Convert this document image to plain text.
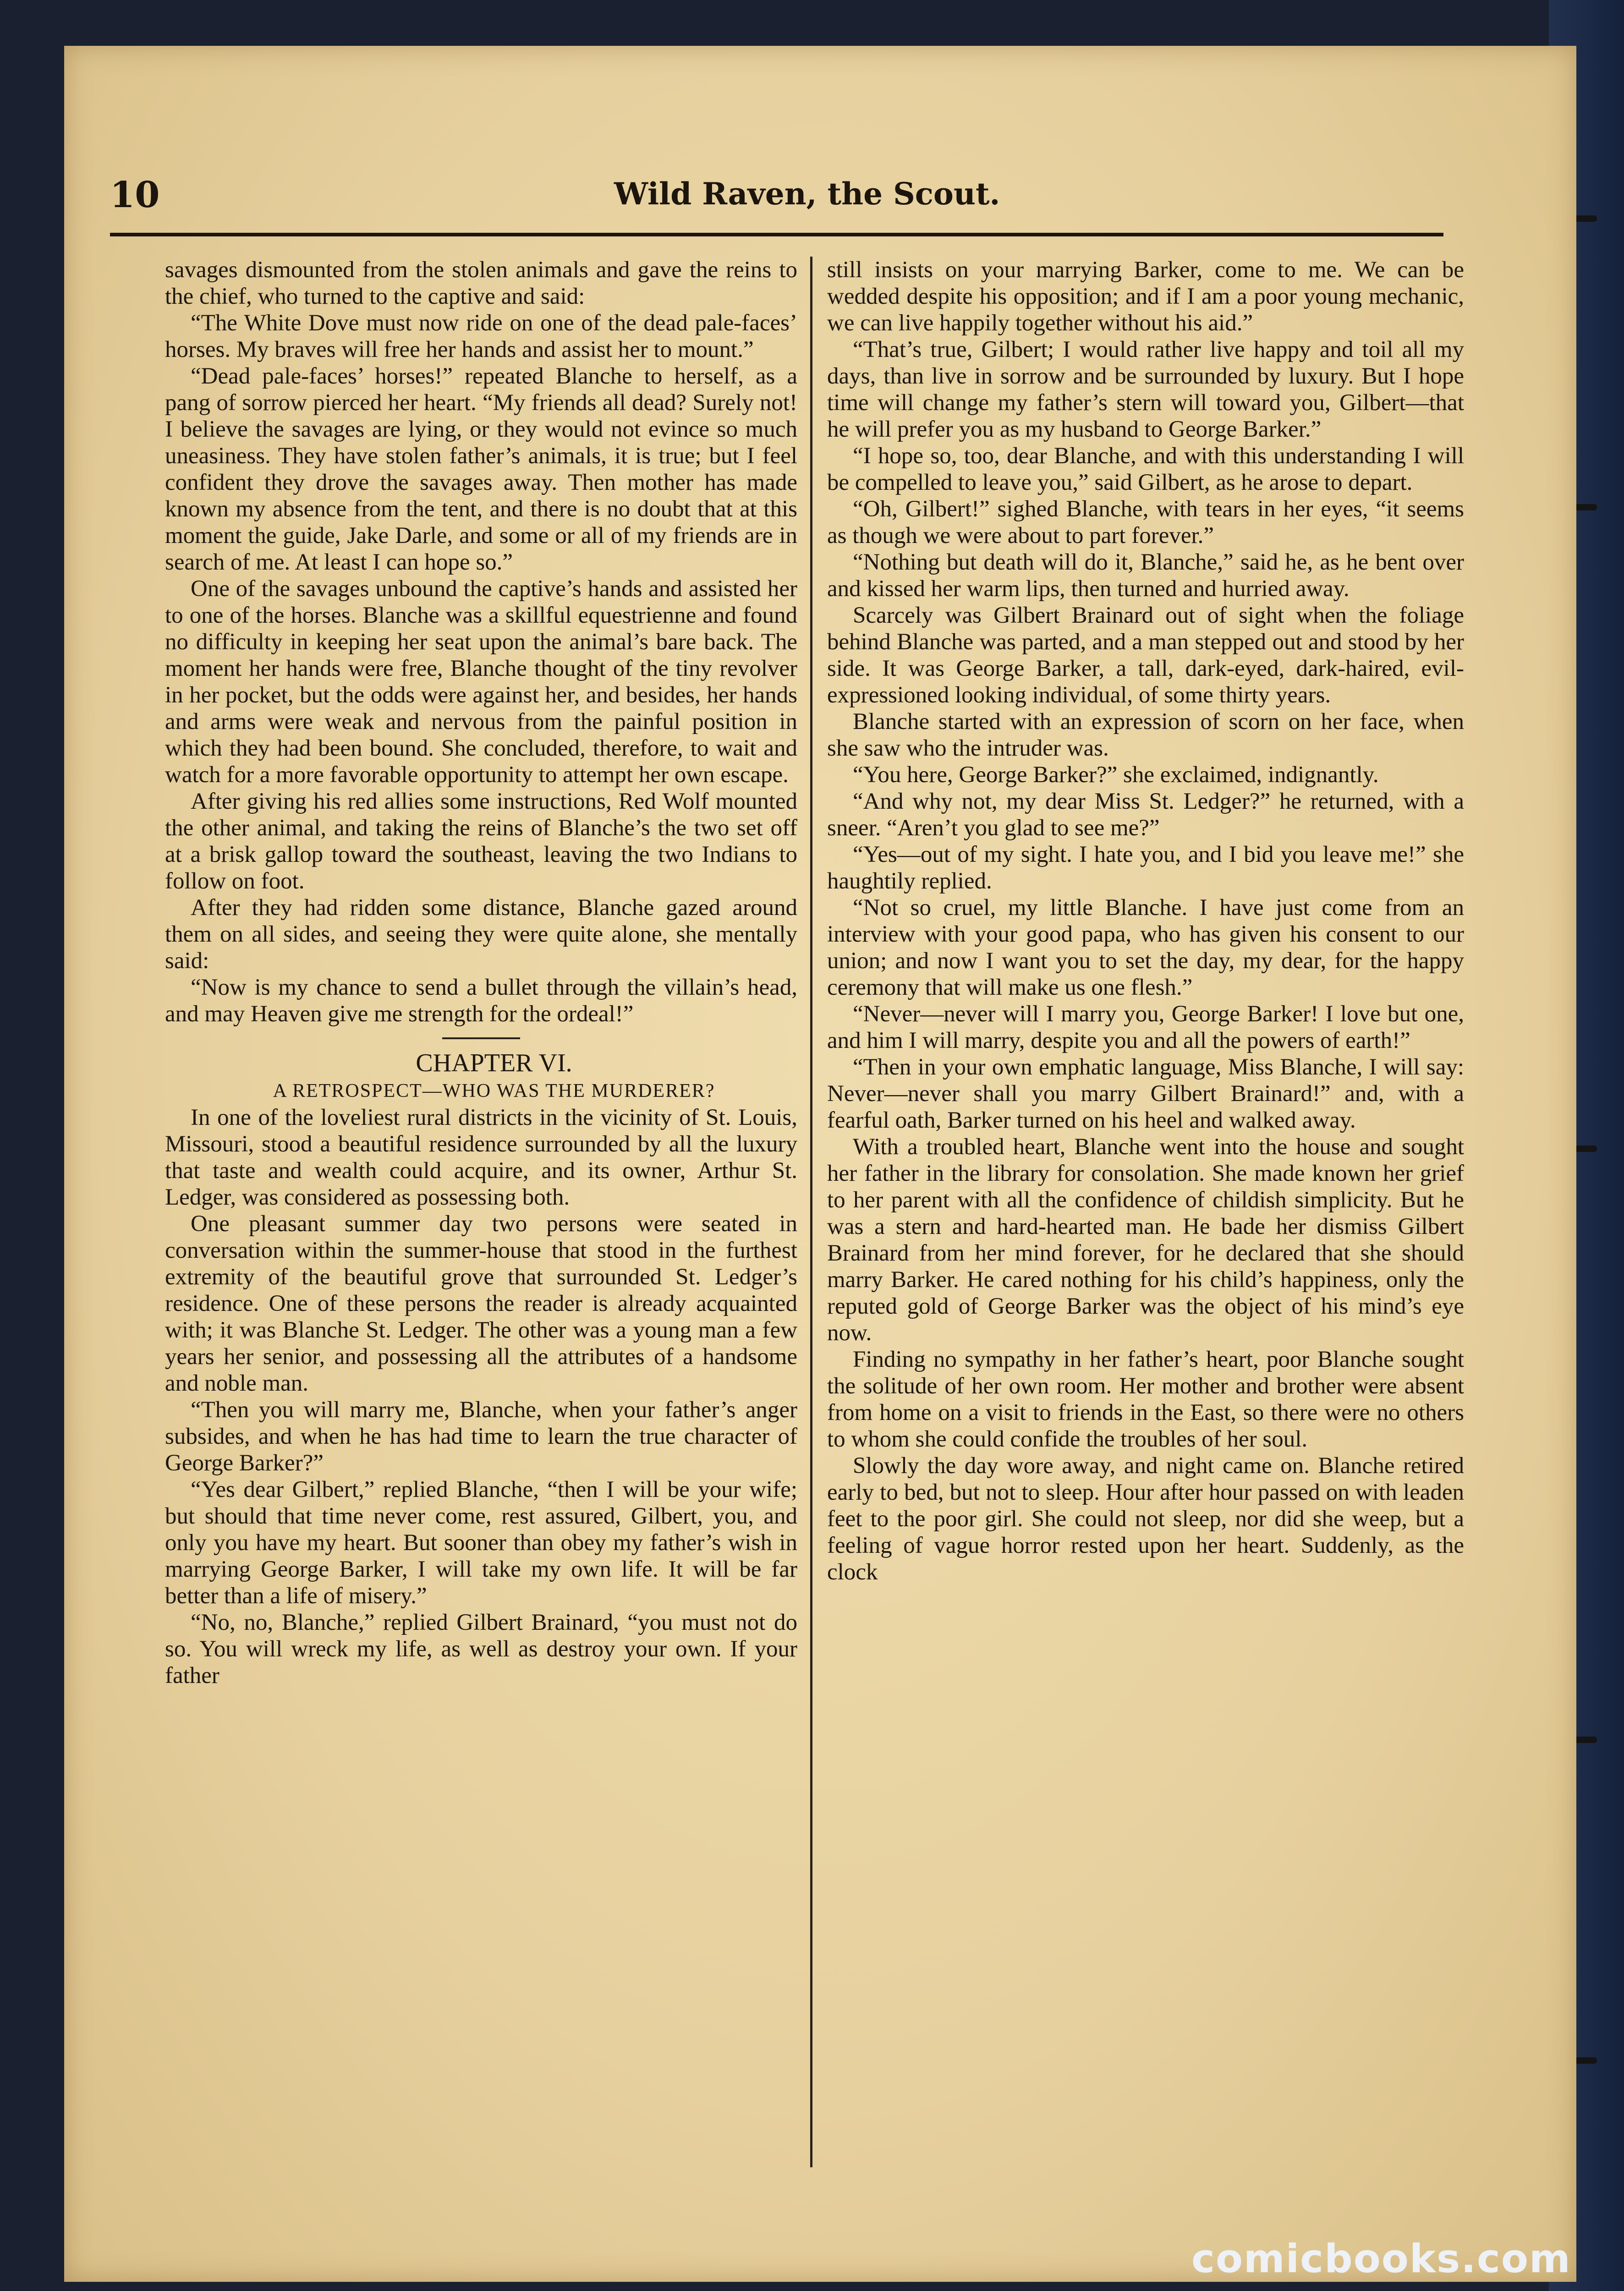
10	Wild Raven, the Scout.

savages dismounted from the stolen animals and gave the reins to the chief, who turned to the captive and said:

“The White Dove must now ride on one of the dead pale-faces’ horses. My braves will free her hands and assist her to mount.”

“Dead pale-faces’ horses!” repeated Blanche to herself, as a pang of sorrow pierced her heart. “My friends all dead? Surely not! I believe the savages are lying, or they would not evince so much uneasiness. They have stolen father’s animals, it is true; but I feel confident they drove the savages away. Then mother has made known my absence from the tent, and there is no doubt that at this moment the guide, Jake Darle, and some or all of my friends are in search of me. At least I can hope so.”

One of the savages unbound the captive’s hands and assisted her to one of the horses. Blanche was a skillful equestrienne and found no difficulty in keeping her seat upon the animal’s bare back. The moment her hands were free, Blanche thought of the tiny revolver in her pocket, but the odds were against her, and besides, her hands and arms were weak and nervous from the painful position in which they had been bound. She concluded, therefore, to wait and watch for a more favorable opportunity to attempt her own escape.

After giving his red allies some instructions, Red Wolf mounted the other animal, and taking the reins of Blanche’s the two set off at a brisk gallop toward the southeast, leaving the two Indians to follow on foot.

After they had ridden some distance, Blanche gazed around them on all sides, and seeing they were quite alone, she mentally said:

“Now is my chance to send a bullet through the villain’s head, and may Heaven give me strength for the ordeal!”

CHAPTER VI.

A RETROSPECT—WHO WAS THE MURDERER?

In one of the loveliest rural districts in the vicinity of St. Louis, Missouri, stood a beautiful residence surrounded by all the luxury that taste and wealth could acquire, and its owner, Arthur St. Ledger, was considered as possessing both.

One pleasant summer day two persons were seated in conversation within the summer-house that stood in the furthest extremity of the beautiful grove that surrounded St. Ledger’s residence. One of these persons the reader is already acquainted with; it was Blanche St. Ledger. The other was a young man a few years her senior, and possessing all the attributes of a handsome and noble man.

“Then you will marry me, Blanche, when your father’s anger subsides, and when he has had time to learn the true character of George Barker?”

“Yes dear Gilbert,” replied Blanche, “then I will be your wife; but should that time never come, rest assured, Gilbert, you, and only you have my heart. But sooner than obey my father’s wish in marrying George Barker, I will take my own life. It will be far better than a life of misery.”

“No, no, Blanche,” replied Gilbert Brainard, “you must not do so. You will wreck my life, as well as destroy your own. If your father

still insists on your marrying Barker, come to me. We can be wedded despite his opposition; and if I am a poor young mechanic, we can live happily together without his aid.”

“That’s true, Gilbert; I would rather live happy and toil all my days, than live in sorrow and be surrounded by luxury. But I hope time will change my father’s stern will toward you, Gilbert—that he will prefer you as my husband to George Barker.”

“I hope so, too, dear Blanche, and with this understanding I will be compelled to leave you,” said Gilbert, as he arose to depart.

“Oh, Gilbert!” sighed Blanche, with tears in her eyes, “it seems as though we were about to part forever.”

“Nothing but death will do it, Blanche,” said he, as he bent over and kissed her warm lips, then turned and hurried away.

Scarcely was Gilbert Brainard out of sight when the foliage behind Blanche was parted, and a man stepped out and stood by her side. It was George Barker, a tall, dark-eyed, dark-haired, evil-expressioned looking individual, of some thirty years.

Blanche started with an expression of scorn on her face, when she saw who the intruder was.

“You here, George Barker?” she exclaimed, indignantly.

“And why not, my dear Miss St. Ledger?” he returned, with a sneer. “Aren’t you glad to see me?”

“Yes—out of my sight. I hate you, and I bid you leave me!” she haughtily replied.

“Not so cruel, my little Blanche. I have just come from an interview with your good papa, who has given his consent to our union; and now I want you to set the day, my dear, for the happy ceremony that will make us one flesh.”

“Never—never will I marry you, George Barker! I love but one, and him I will marry, despite you and all the powers of earth!”

“Then in your own emphatic language, Miss Blanche, I will say: Never—never shall you marry Gilbert Brainard!” and, with a fearful oath, Barker turned on his heel and walked away.

With a troubled heart, Blanche went into the house and sought her father in the library for consolation. She made known her grief to her parent with all the confidence of childish simplicity. But he was a stern and hard-hearted man. He bade her dismiss Gilbert Brainard from her mind forever, for he declared that she should marry Barker. He cared nothing for his child’s happiness, only the reputed gold of George Barker was the object of his mind’s eye now.

Finding no sympathy in her father’s heart, poor Blanche sought the solitude of her own room. Her mother and brother were absent from home on a visit to friends in the East, so there were no others to whom she could confide the troubles of her soul.

Slowly the day wore away, and night came on. Blanche retired early to bed, but not to sleep. Hour after hour passed on with leaden feet to the poor girl. She could not sleep, nor did she weep, but a feeling of vague horror rested upon her heart. Suddenly, as the clock

comicbooks.com
